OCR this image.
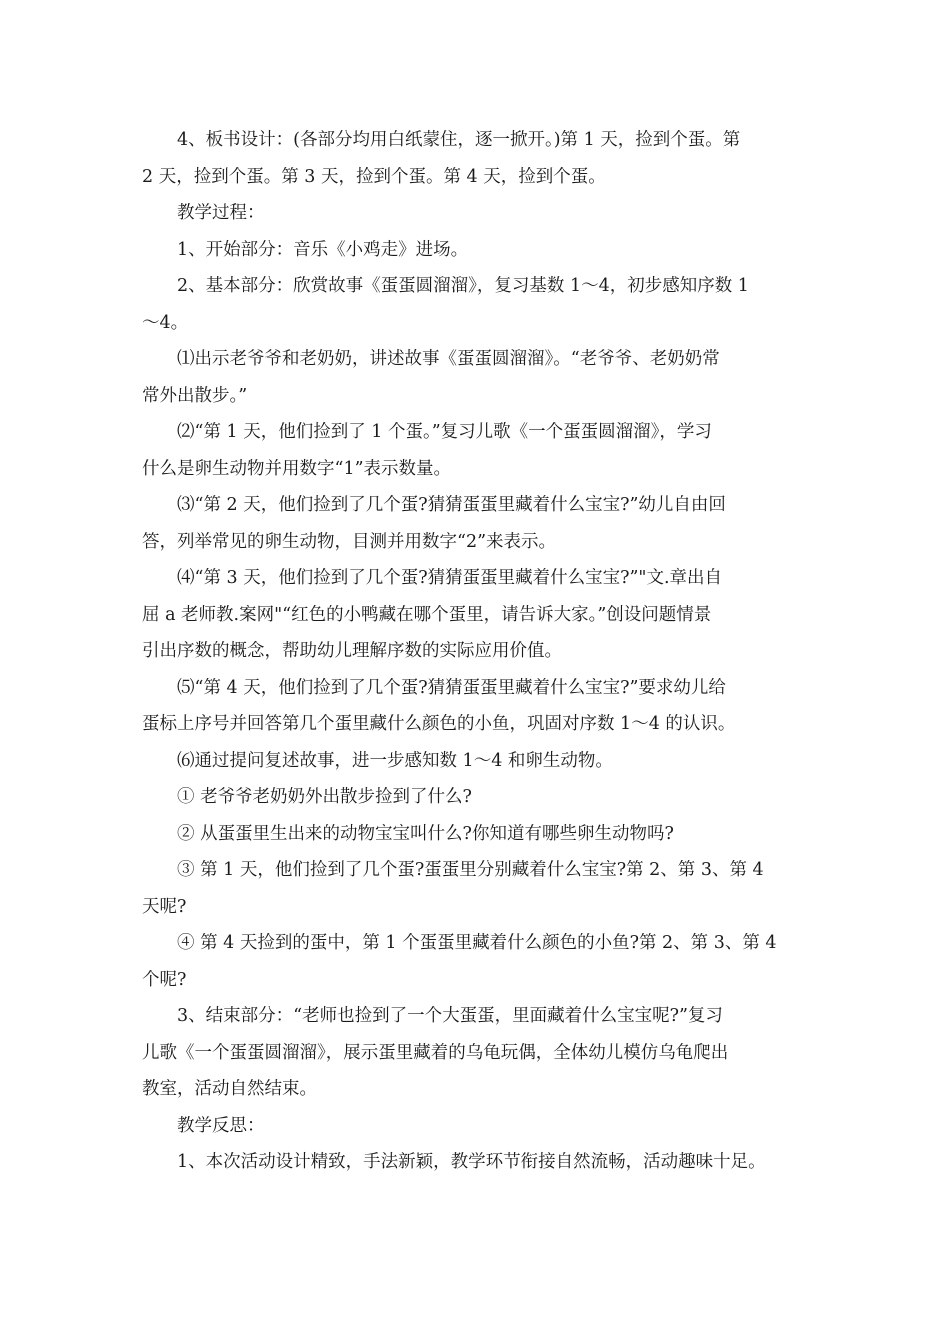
4、板书设计：(各部分均用白纸蒙住，逐一掀开。)第 1 天，捡到个蛋。第
2 天，捡到个蛋。第 3 天，捡到个蛋。第 4 天，捡到个蛋。

教学过程：

1、开始部分：音乐《小鸡走》进场。

2、基本部分：欣赏故事《蛋蛋圆溜溜》，复习基数 1～4，初步感知序数 1
～4。

⑴出示老爷爷和老奶奶，讲述故事《蛋蛋圆溜溜》。“老爷爷、老奶奶常
常外出散步。”

⑵“第 1 天，他们捡到了 1 个蛋。”复习儿歌《一个蛋蛋圆溜溜》，学习
什么是卵生动物并用数字“1”表示数量。

⑶“第 2 天，他们捡到了几个蛋?猜猜蛋蛋里藏着什么宝宝?”幼儿自由回
答，列举常见的卵生动物，目测并用数字“2”来表示。

⑷“第 3 天，他们捡到了几个蛋?猜猜蛋蛋里藏着什么宝宝?”"文.章出自
屈 a 老师教.案网"“红色的小鸭藏在哪个蛋里，请告诉大家。”创设问题情景
引出序数的概念，帮助幼儿理解序数的实际应用价值。

⑸“第 4 天，他们捡到了几个蛋?猜猜蛋蛋里藏着什么宝宝?”要求幼儿给
蛋标上序号并回答第几个蛋里藏什么颜色的小鱼，巩固对序数 1～4 的认识。

⑹通过提问复述故事，进一步感知数 1～4 和卵生动物。

① 老爷爷老奶奶外出散步捡到了什么?

② 从蛋蛋里生出来的动物宝宝叫什么?你知道有哪些卵生动物吗?

③ 第 1 天，他们捡到了几个蛋?蛋蛋里分别藏着什么宝宝?第 2、第 3、第 4
天呢?

④ 第 4 天捡到的蛋中，第 1 个蛋蛋里藏着什么颜色的小鱼?第 2、第 3、第 4
个呢?

3、结束部分：“老师也捡到了一个大蛋蛋，里面藏着什么宝宝呢?”复习
儿歌《一个蛋蛋圆溜溜》，展示蛋里藏着的乌龟玩偶，全体幼儿模仿乌龟爬出
教室，活动自然结束。

教学反思：

1、本次活动设计精致，手法新颖，教学环节衔接自然流畅，活动趣味十足。
